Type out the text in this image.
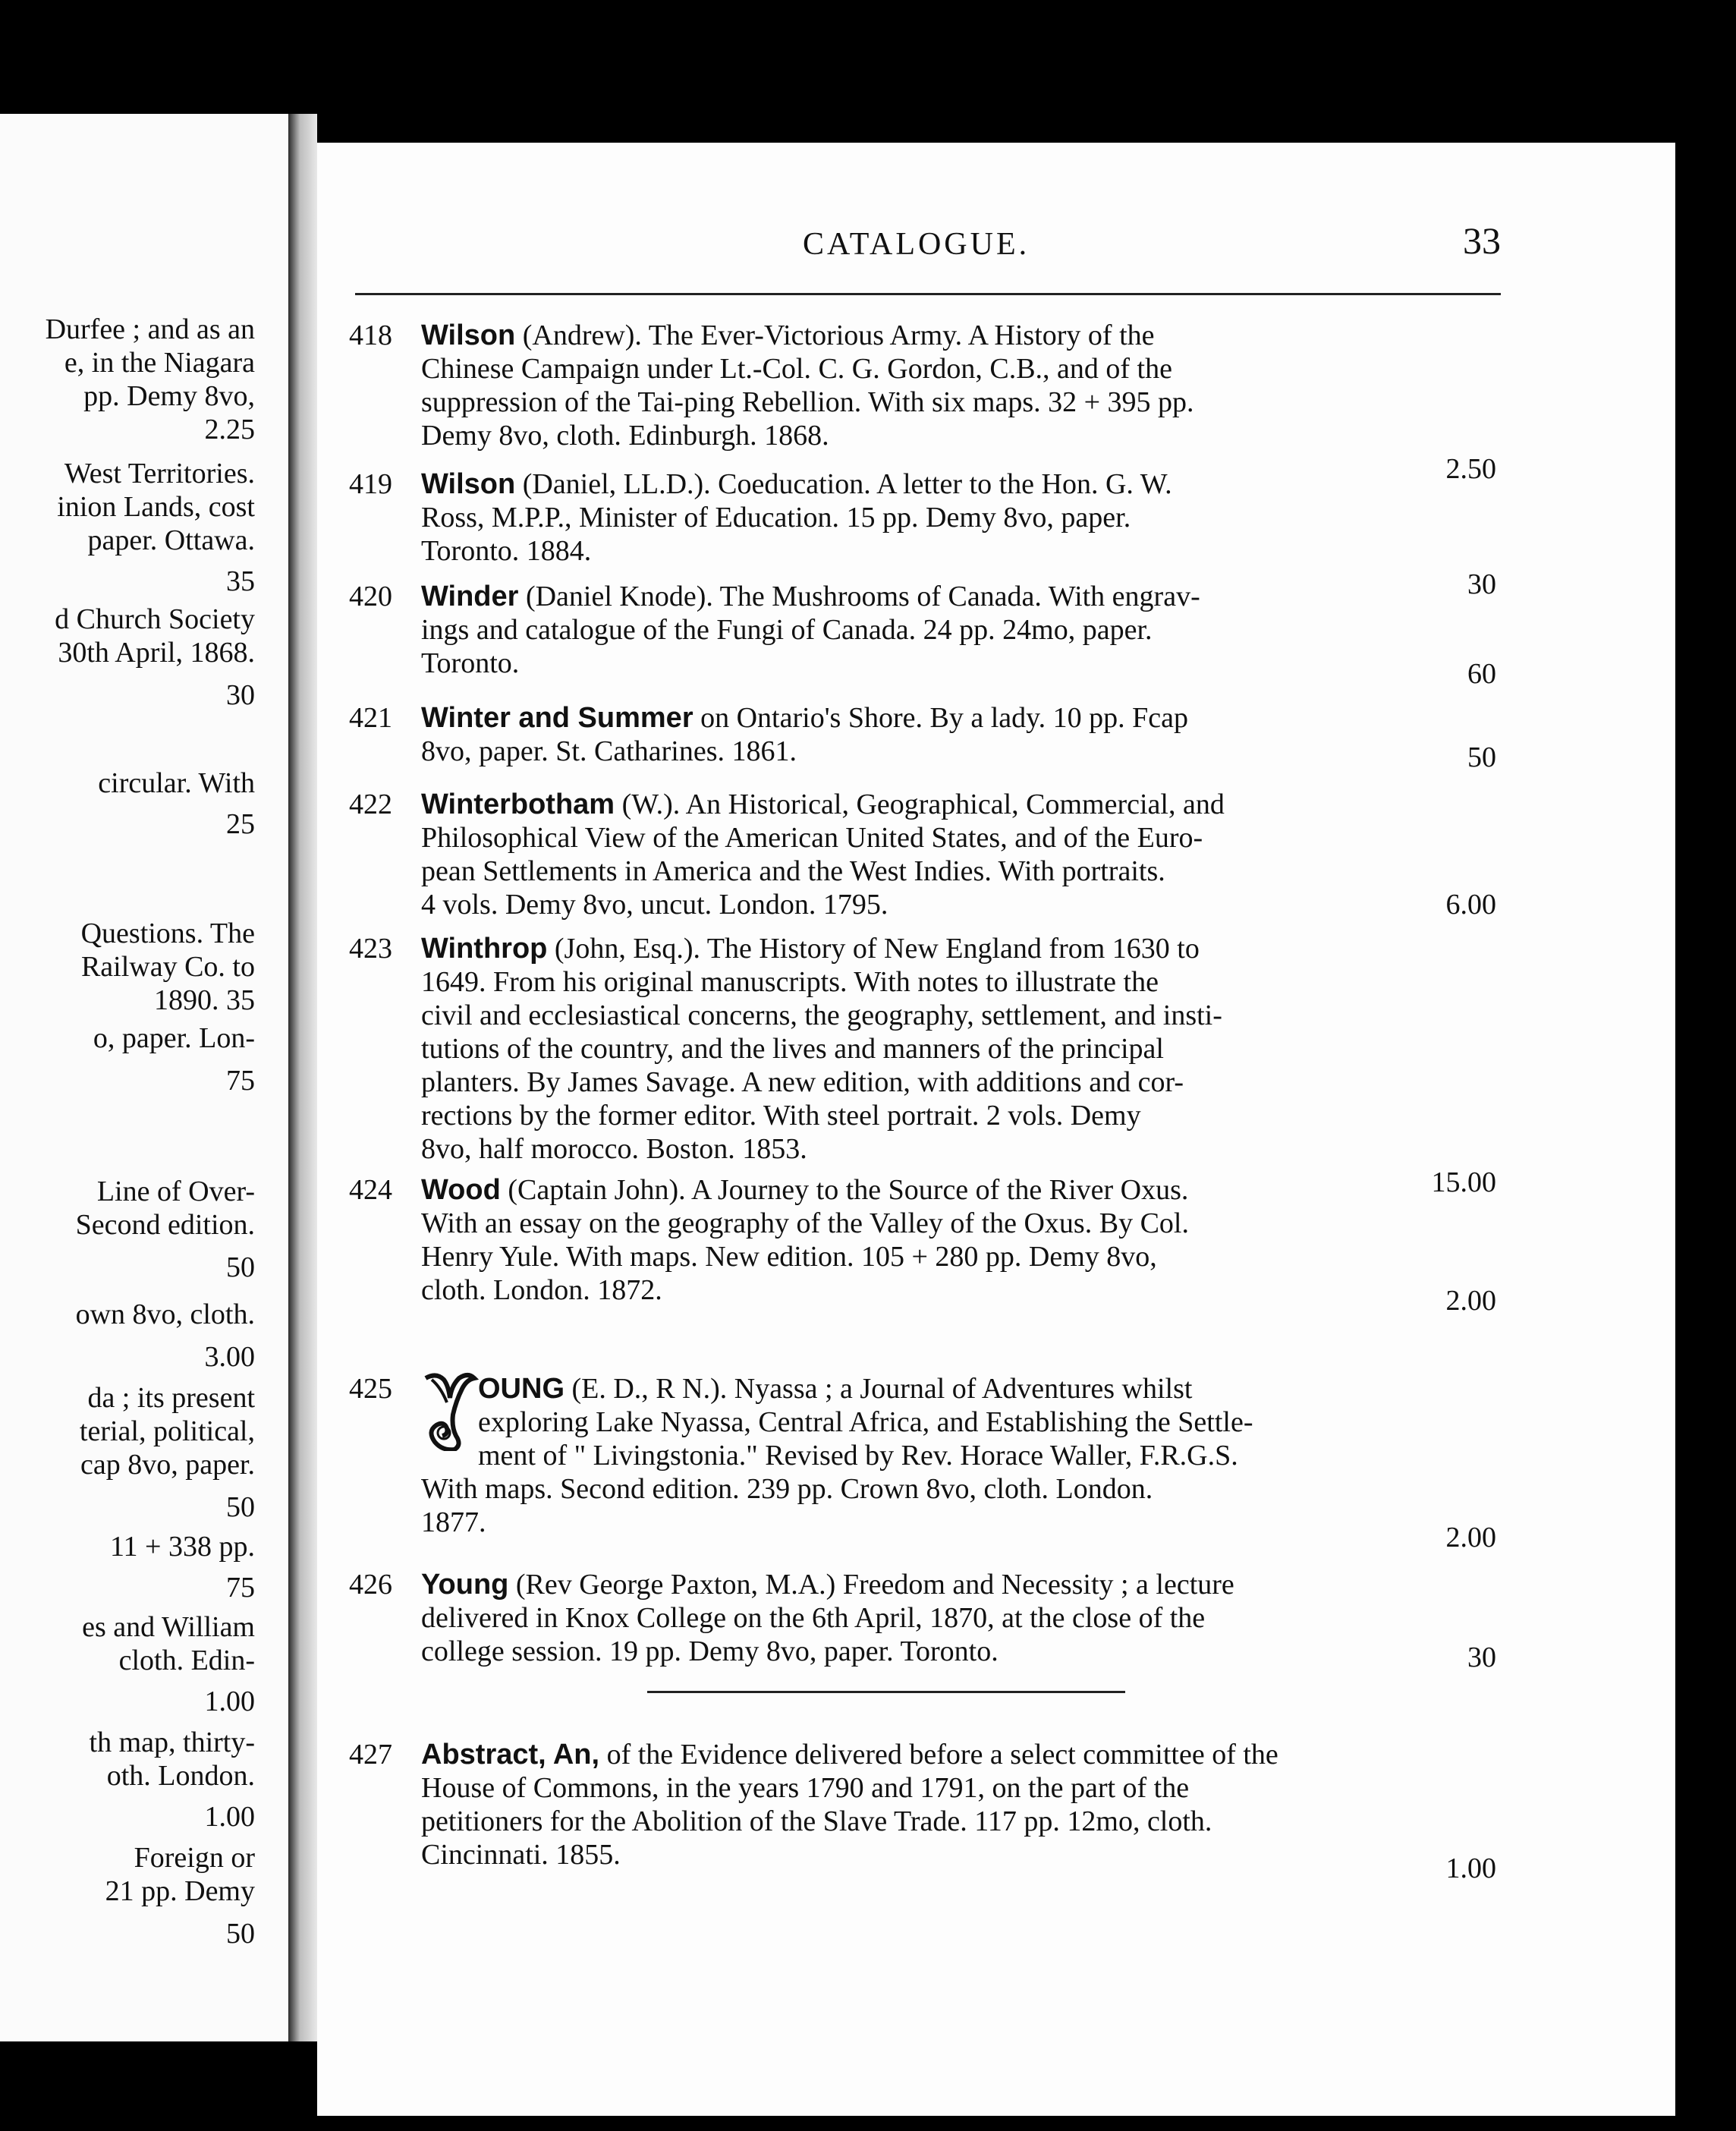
Durfee ; and as an
e, in the Niagara
pp. Demy 8vo,
2.25
West Territories.
inion Lands, cost
paper. Ottawa.
35
d Church Society
30th April, 1868.
30
circular. With
25
Questions. The
Railway Co. to
1890. 35
o, paper. Lon-
75
Line of Over-
Second edition.
50
own 8vo, cloth.
3.00
da ; its present
terial, political,
cap 8vo, paper.
50
11 + 338 pp.
75
es and William
cloth. Edin-
1.00
th map, thirty-
oth. London.
1.00
Foreign or
21 pp. Demy
50
CATALOGUE.	33
418 Wilson (Andrew). The Ever-Victorious Army. A History of the
Chinese Campaign under Lt.-Col. C. G. Gordon, C.B., and of the
suppression of the Tai-ping Rebellion. With six maps. 32 + 395 pp.
Demy 8vo, cloth. Edinburgh. 1868.
2.50
419 Wilson (Daniel, LL.D.). Coeducation. A letter to the Hon. G. W.
Ross, M.P.P., Minister of Education. 15 pp. Demy 8vo, paper.
Toronto. 1884.
30
420 Winder (Daniel Knode). The Mushrooms of Canada. With engrav-
ings and catalogue of the Fungi of Canada. 24 pp. 24mo, paper.
Toronto.	60
421 Winter and Summer on Ontario's Shore. By a lady. 10 pp. Fcap
8vo, paper. St. Catharines. 1861.	50
422 Winterbotham (W.). An Historical, Geographical, Commercial, and
Philosophical View of the American United States, and of the Euro-
pean Settlements in America and the West Indies. With portraits.
4 vols. Demy 8vo, uncut. London. 1795.	6.00
423 Winthrop (John, Esq.). The History of New England from 1630 to
1649. From his original manuscripts. With notes to illustrate the
civil and ecclesiastical concerns, the geography, settlement, and insti-
tutions of the country, and the lives and manners of the principal
planters. By James Savage. A new edition, with additions and cor-
rections by the former editor. With steel portrait. 2 vols. Demy
8vo, half morocco. Boston. 1853.
15.00
424 Wood (Captain John). A Journey to the Source of the River Oxus.
With an essay on the geography of the Valley of the Oxus. By Col.
Henry Yule. With maps. New edition. 105 + 280 pp. Demy 8vo,
cloth. London. 1872.	2.00
Y
425	OUNG (E. D., R N.). Nyassa ; a Journal of Adventures whilst
exploring Lake Nyassa, Central Africa, and Establishing the Settle-
ment of " Livingstonia." Revised by Rev. Horace Waller, F.R.G.S.
With maps. Second edition. 239 pp. Crown 8vo, cloth. London.
1877.	2.00
426 Young (Rev George Paxton, M.A.) Freedom and Necessity ; a lecture
delivered in Knox College on the 6th April, 1870, at the close of the
college session. 19 pp. Demy 8vo, paper. Toronto.	30
427 Abstract, An, of the Evidence delivered before a select committee of the
House of Commons, in the years 1790 and 1791, on the part of the
petitioners for the Abolition of the Slave Trade. 117 pp. 12mo, cloth.
Cincinnati. 1855.	1.00
